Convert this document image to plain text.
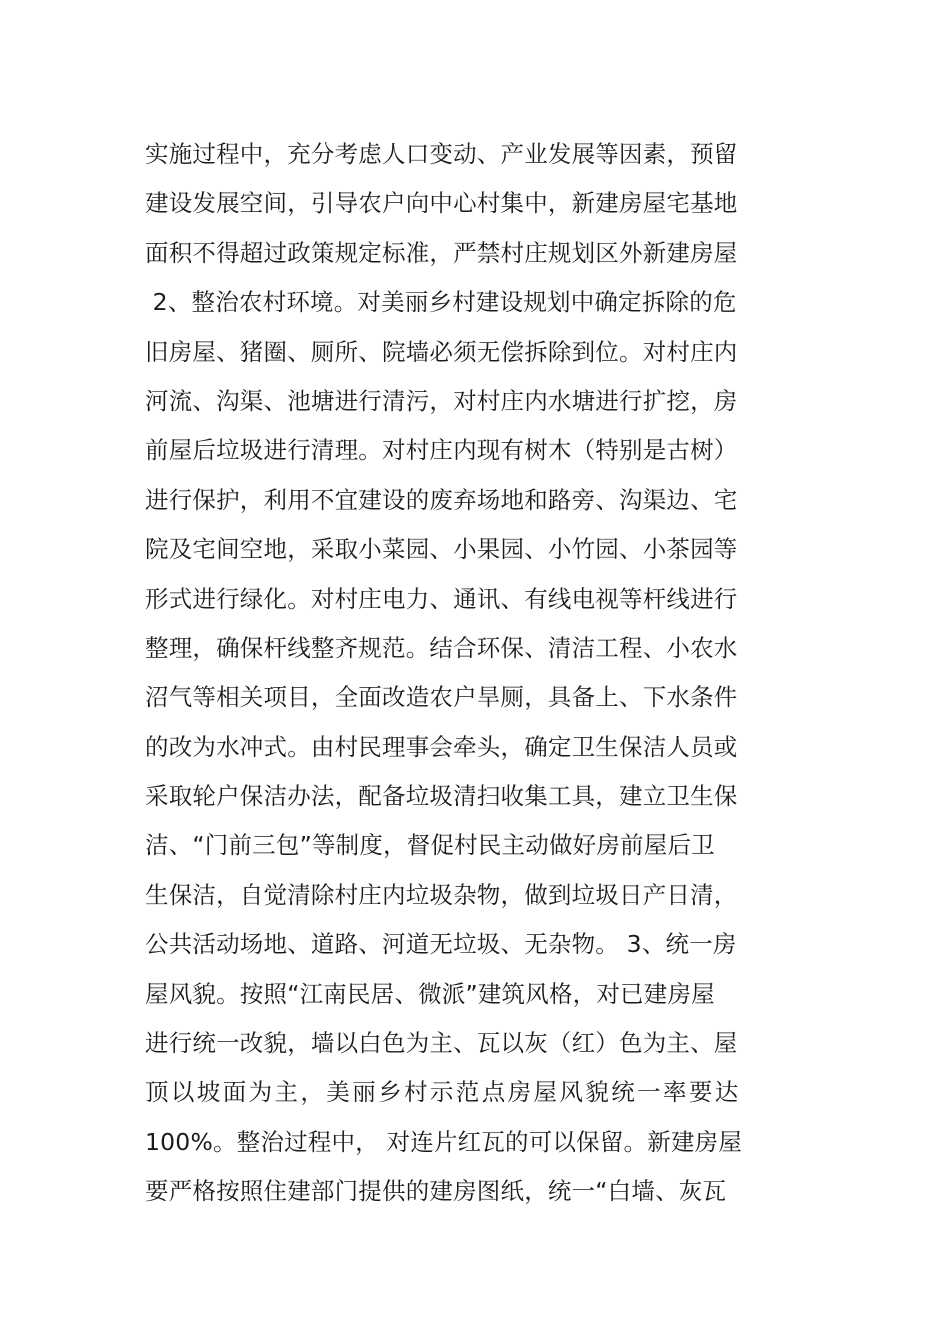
实施过程中，充分考虑人口变动、产业发展等因素，预留
建设发展空间，引导农户向中心村集中，新建房屋宅基地
面积不得超过政策规定标准，严禁村庄规划区外新建房屋
2、整治农村环境。对美丽乡村建设规划中确定拆除的危
旧房屋、猪圈、厕所、院墙必须无偿拆除到位。对村庄内
河流、沟渠、池塘进行清污，对村庄内水塘进行扩挖，房
前屋后垃圾进行清理。对村庄内现有树木（特别是古树）
进行保护，利用不宜建设的废弃场地和路旁、沟渠边、宅
院及宅间空地，采取小菜园、小果园、小竹园、小茶园等
形式进行绿化。对村庄电力、通讯、有线电视等杆线进行
整理，确保杆线整齐规范。结合环保、清洁工程、小农水
沼气等相关项目，全面改造农户旱厕，具备上、下水条件
的改为水冲式。由村民理事会牵头，确定卫生保洁人员或
采取轮户保洁办法，配备垃圾清扫收集工具，建立卫生保
洁、“门前三包”等制度，督促村民主动做好房前屋后卫
生保洁，自觉清除村庄内垃圾杂物，做到垃圾日产日清，
公共活动场地、道路、河道无垃圾、无杂物。 3、统一房
屋风貌。按照“江南民居、微派”建筑风格，对已建房屋
进行统一改貌，墙以白色为主、瓦以灰（红）色为主、屋
顶以坡面为主，美丽乡村示范点房屋风貌统一率要达
100%。整治过程中， 对连片红瓦的可以保留。新建房屋
要严格按照住建部门提供的建房图纸，统一“白墙、灰瓦
